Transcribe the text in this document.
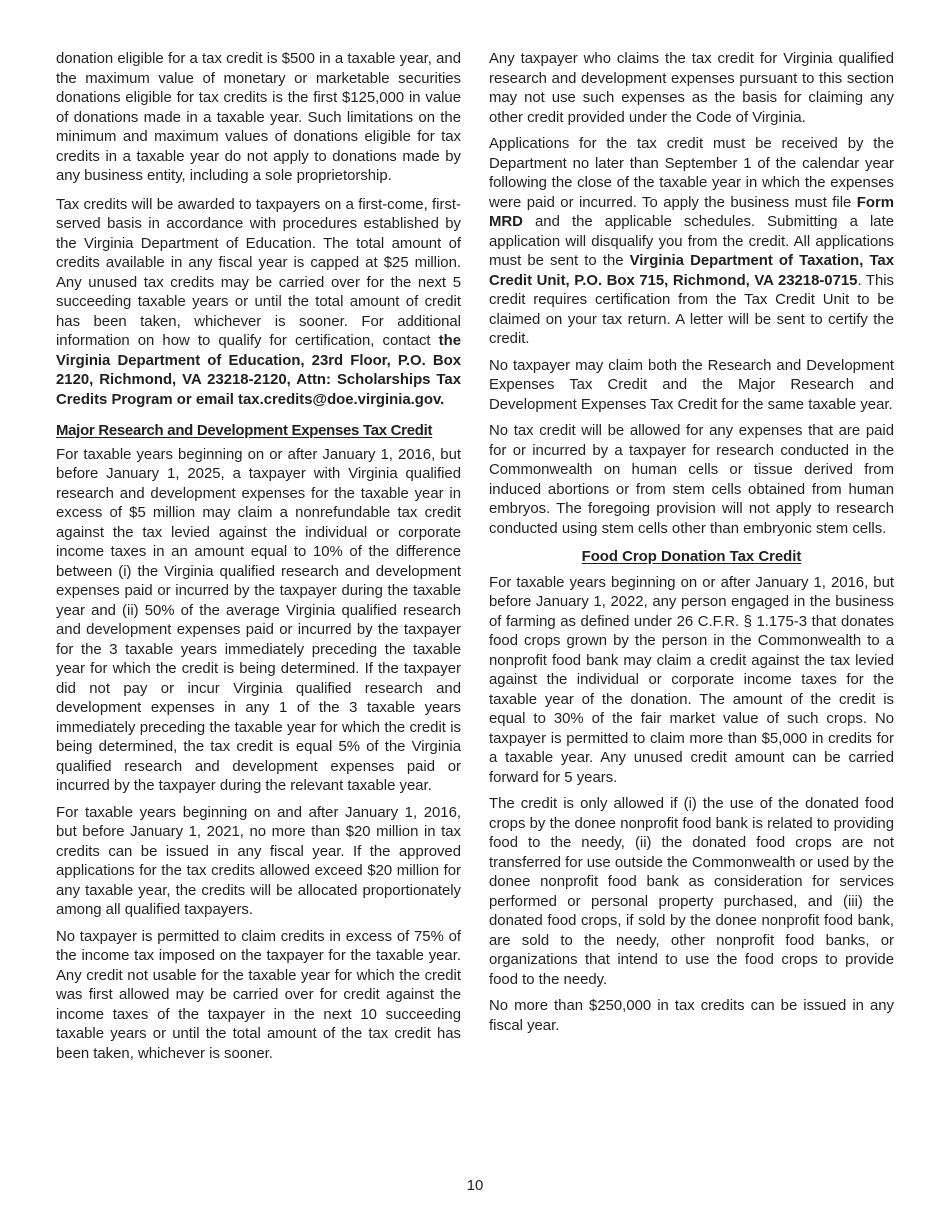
donation eligible for a tax credit is $500 in a taxable year, and the maximum value of monetary or marketable securities donations eligible for tax credits is the first $125,000 in value of donations made in a taxable year. Such limitations on the minimum and maximum values of donations eligible for tax credits in a taxable year do not apply to donations made by any business entity, including a sole proprietorship.

Tax credits will be awarded to taxpayers on a first-come, first-served basis in accordance with procedures established by the Virginia Department of Education. The total amount of credits available in any fiscal year is capped at $25 million. Any unused tax credits may be carried over for the next 5 succeeding taxable years or until the total amount of credit has been taken, whichever is sooner. For additional information on how to qualify for certification, contact the Virginia Department of Education, 23rd Floor, P.O. Box 2120, Richmond, VA 23218-2120, Attn: Scholarships Tax Credits Program or email tax.credits@doe.virginia.gov.

Major Research and Development Expenses Tax Credit

For taxable years beginning on or after January 1, 2016, but before January 1, 2025, a taxpayer with Virginia qualified research and development expenses for the taxable year in excess of $5 million may claim a nonrefundable tax credit against the tax levied against the individual or corporate income taxes in an amount equal to 10% of the difference between (i) the Virginia qualified research and development expenses paid or incurred by the taxpayer during the taxable year and (ii) 50% of the average Virginia qualified research and development expenses paid or incurred by the taxpayer for the 3 taxable years immediately preceding the taxable year for which the credit is being determined. If the taxpayer did not pay or incur Virginia qualified research and development expenses in any 1 of the 3 taxable years immediately preceding the taxable year for which the credit is being determined, the tax credit is equal 5% of the Virginia qualified research and development expenses paid or incurred by the taxpayer during the relevant taxable year.

For taxable years beginning on and after January 1, 2016, but before January 1, 2021, no more than $20 million in tax credits can be issued in any fiscal year. If the approved applications for the tax credits allowed exceed $20 million for any taxable year, the credits will be allocated proportionately among all qualified taxpayers.

No taxpayer is permitted to claim credits in excess of 75% of the income tax imposed on the taxpayer for the taxable year. Any credit not usable for the taxable year for which the credit was first allowed may be carried over for credit against the income taxes of the taxpayer in the next 10 succeeding taxable years or until the total amount of the tax credit has been taken, whichever is sooner.

Any taxpayer who claims the tax credit for Virginia qualified research and development expenses pursuant to this section may not use such expenses as the basis for claiming any other credit provided under the Code of Virginia.

Applications for the tax credit must be received by the Department no later than September 1 of the calendar year following the close of the taxable year in which the expenses were paid or incurred. To apply the business must file Form MRD and the applicable schedules. Submitting a late application will disqualify you from the credit. All applications must be sent to the Virginia Department of Taxation, Tax Credit Unit, P.O. Box 715, Richmond, VA 23218-0715. This credit requires certification from the Tax Credit Unit to be claimed on your tax return. A letter will be sent to certify the credit.

No taxpayer may claim both the Research and Development Expenses Tax Credit and the Major Research and Development Expenses Tax Credit for the same taxable year.

No tax credit will be allowed for any expenses that are paid for or incurred by a taxpayer for research conducted in the Commonwealth on human cells or tissue derived from induced abortions or from stem cells obtained from human embryos. The foregoing provision will not apply to research conducted using stem cells other than embryonic stem cells.

Food Crop Donation Tax Credit

For taxable years beginning on or after January 1, 2016, but before January 1, 2022, any person engaged in the business of farming as defined under 26 C.F.R. § 1.175-3 that donates food crops grown by the person in the Commonwealth to a nonprofit food bank may claim a credit against the tax levied against the individual or corporate income taxes for the taxable year of the donation. The amount of the credit is equal to 30% of the fair market value of such crops. No taxpayer is permitted to claim more than $5,000 in credits for a taxable year. Any unused credit amount can be carried forward for 5 years.

The credit is only allowed if (i) the use of the donated food crops by the donee nonprofit food bank is related to providing food to the needy, (ii) the donated food crops are not transferred for use outside the Commonwealth or used by the donee nonprofit food bank as consideration for services performed or personal property purchased, and (iii) the donated food crops, if sold by the donee nonprofit food bank, are sold to the needy, other nonprofit food banks, or organizations that intend to use the food crops to provide food to the needy.

No more than $250,000 in tax credits can be issued in any fiscal year.

10
